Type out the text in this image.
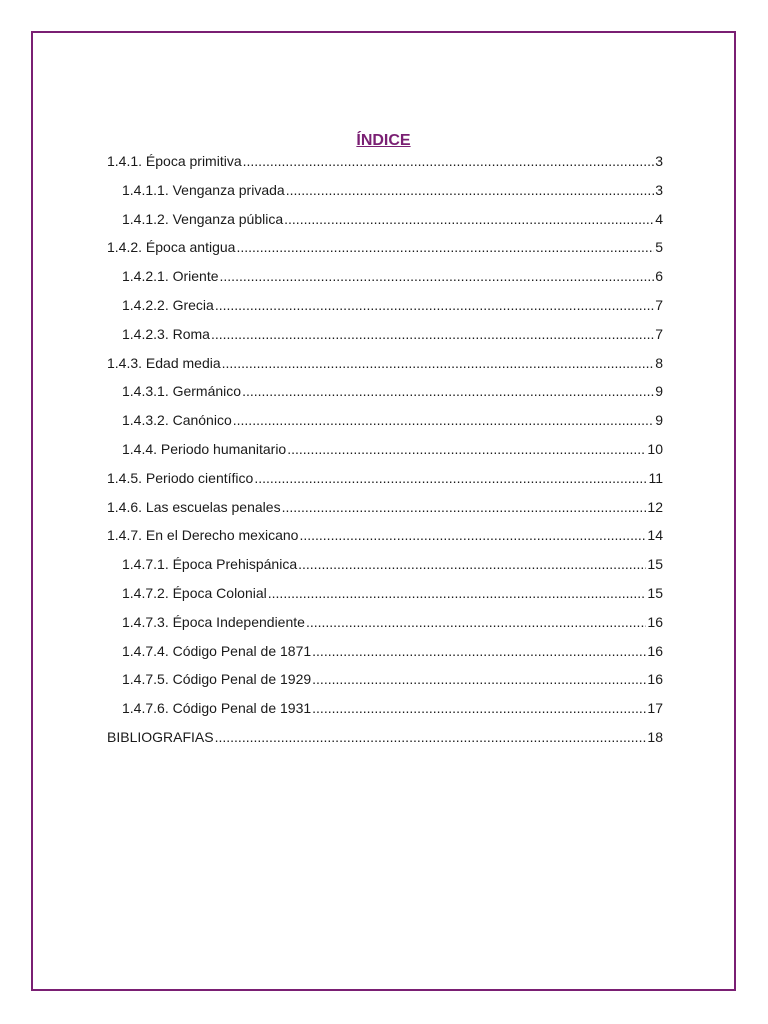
ÍNDICE
1.4.1. Época primitiva .....	3
1.4.1.1. Venganza privada .....	3
1.4.1.2. Venganza pública .....	4
1.4.2. Época antigua .....	5
1.4.2.1. Oriente .....	6
1.4.2.2. Grecia .....	7
1.4.2.3. Roma .....	7
1.4.3. Edad media .....	8
1.4.3.1. Germánico .....	9
1.4.3.2. Canónico .....	9
1.4.4. Periodo humanitario .....	10
1.4.5. Periodo científico .....	11
1.4.6. Las escuelas penales .....	12
1.4.7. En el Derecho mexicano .....	14
1.4.7.1. Época Prehispánica .....	15
1.4.7.2. Época Colonial .....	15
1.4.7.3. Época Independiente .....	16
1.4.7.4. Código Penal de 1871 .....	16
1.4.7.5. Código Penal de 1929 .....	16
1.4.7.6. Código Penal de 1931 .....	17
BIBLIOGRAFIAS .....	18
